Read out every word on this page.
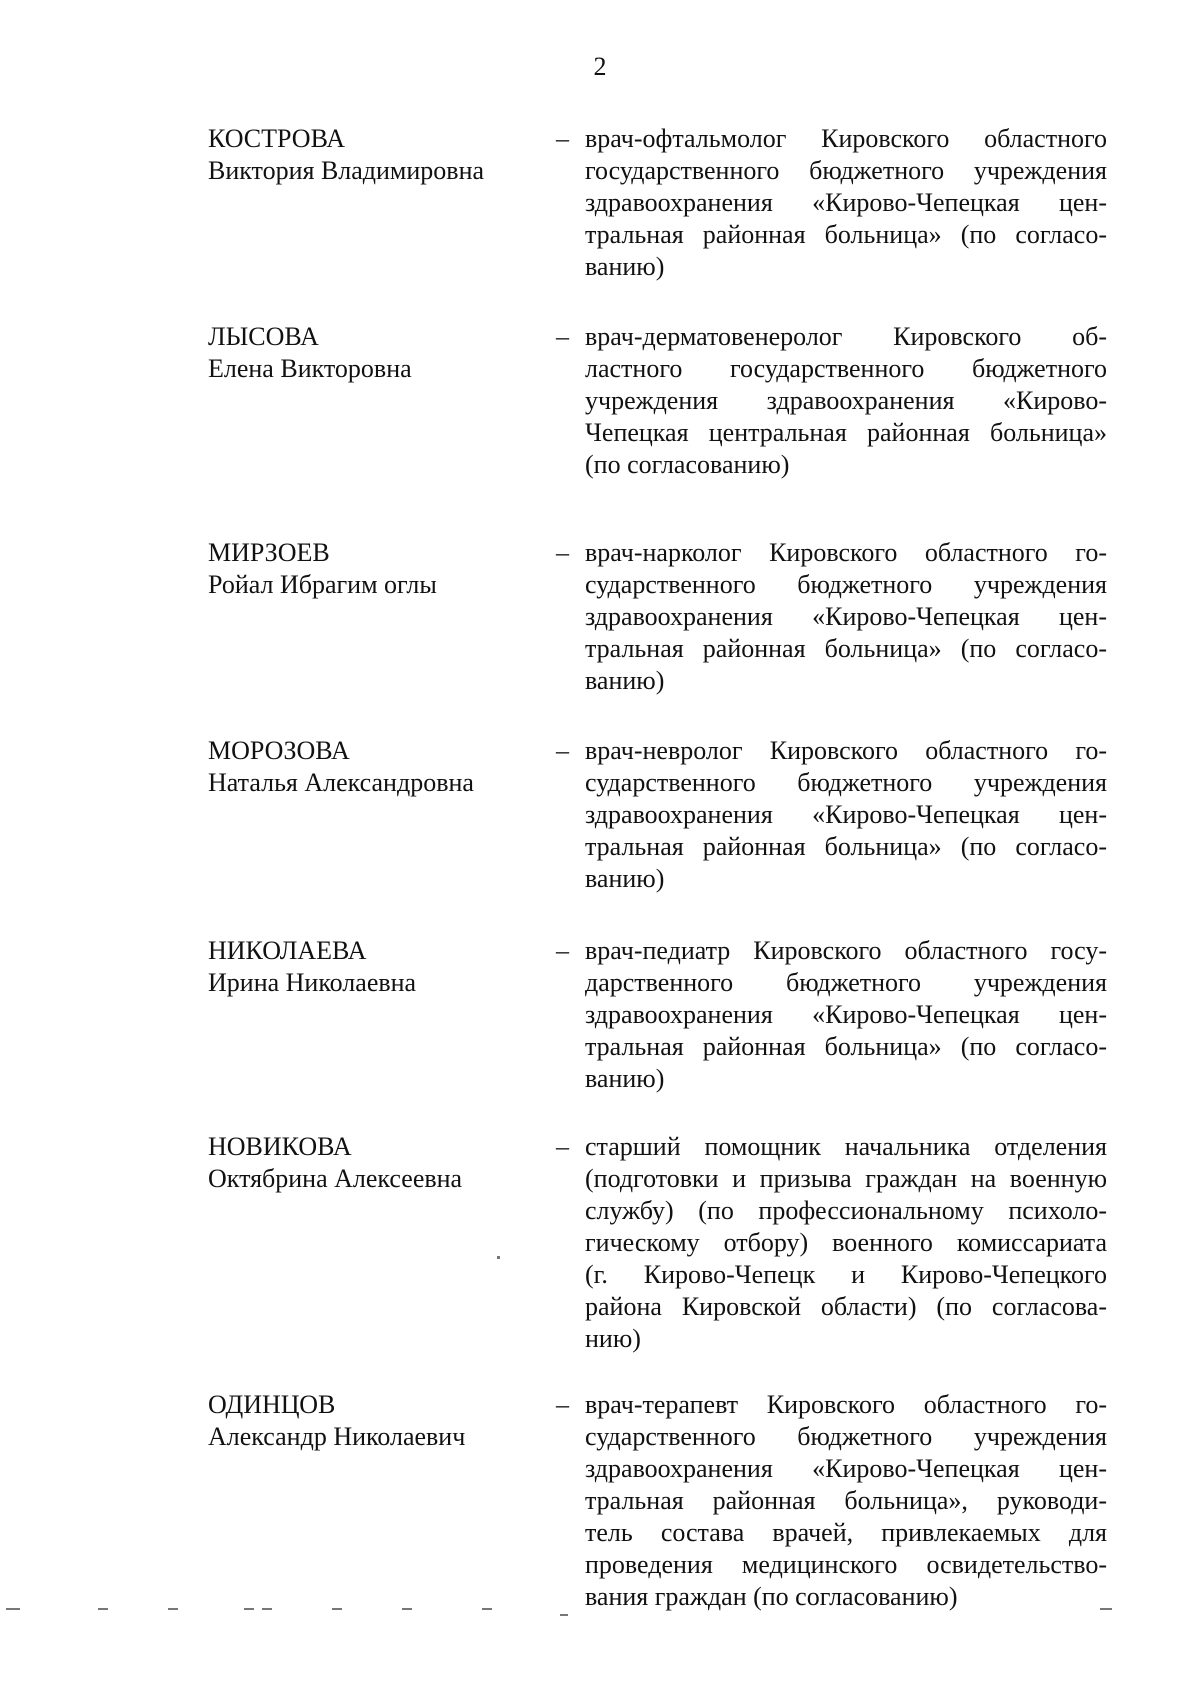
2
КОСТРОВА
Виктория Владимировна
– врач-офтальмолог Кировского областного
государственного бюджетного учреждения
здравоохранения «Кирово-Чепецкая цен-
тральная районная больница» (по согласо-
ванию)
ЛЫСОВА
Елена Викторовна
– врач-дерматовенеролог Кировского об-
ластного государственного бюджетного
учреждения здравоохранения «Кирово-
Чепецкая центральная районная больница»
(по согласованию)
МИРЗОЕВ
Ройал Ибрагим оглы
– врач-нарколог Кировского областного го-
сударственного бюджетного учреждения
здравоохранения «Кирово-Чепецкая цен-
тральная районная больница» (по согласо-
ванию)
МОРОЗОВА
Наталья Александровна
– врач-невролог Кировского областного го-
сударственного бюджетного учреждения
здравоохранения «Кирово-Чепецкая цен-
тральная районная больница» (по согласо-
ванию)
НИКОЛАЕВА
Ирина Николаевна
– врач-педиатр Кировского областного госу-
дарственного бюджетного учреждения
здравоохранения «Кирово-Чепецкая цен-
тральная районная больница» (по согласо-
ванию)
НОВИКОВА
Октябрина Алексеевна
– старший помощник начальника отделения
(подготовки и призыва граждан на военную
службу) (по профессиональному психоло-
гическому отбору) военного комиссариата
(г. Кирово-Чепецк и Кирово-Чепецкого
района Кировской области) (по согласова-
нию)
ОДИНЦОВ
Александр Николаевич
– врач-терапевт Кировского областного го-
сударственного бюджетного учреждения
здравоохранения «Кирово-Чепецкая цен-
тральная районная больница», руководи-
тель состава врачей, привлекаемых для
проведения медицинского освидетельство-
вания граждан (по согласованию)
